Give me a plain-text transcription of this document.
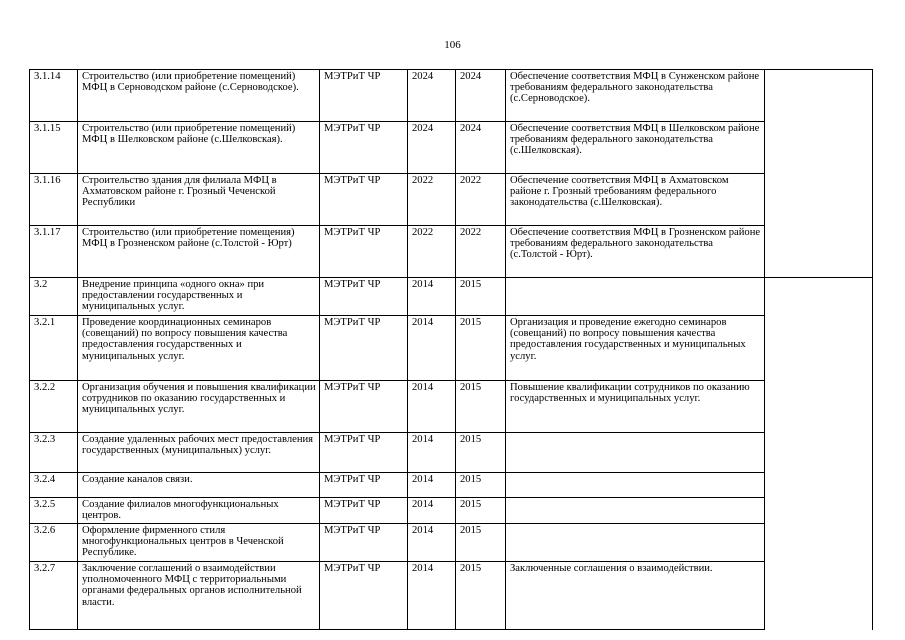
106
3.1.14	Строительство (или приобретение помещений) МФЦ в Серноводском районе (с.Серноводское).	МЭТРиТ ЧР	2024	2024	Обеспечение соответствия МФЦ в Сунженском районе требованиям федерального законодательства (с.Серноводское).	
3.1.15	Строительство (или приобретение помещений) МФЦ в Шелковском районе (с.Шелковская).	МЭТРиТ ЧР	2024	2024	Обеспечение соответствия МФЦ в Шелковском районе требованиям федерального законодательства (с.Шелковская).	
3.1.16	Строительство здания для филиала МФЦ в Ахматовском районе г. Грозный Чеченской Республики	МЭТРиТ ЧР	2022	2022	Обеспечение соответствия МФЦ в Ахматовском районе г. Грозный требованиям федерального законодательства (с.Шелковская).	
3.1.17	Строительство (или приобретение помещения) МФЦ в Грозненском районе (с.Толстой - Юрт)	МЭТРиТ ЧР	2022	2022	Обеспечение соответствия МФЦ в Грозненском районе требованиям федерального законодательства (с.Толстой - Юрт).	
3.2	Внедрение принципа «одного окна» при предоставлении государственных и муниципальных услуг.	МЭТРиТ ЧР	2014	2015		
3.2.1	Проведение координационных семинаров (совещаний) по вопросу повышения качества предоставления государственных и муниципальных услуг.	МЭТРиТ ЧР	2014	2015	Организация и проведение ежегодно семинаров (совещаний) по вопросу повышения качества предоставления государственных и муниципальных услуг.	
3.2.2	Организация обучения и повышения квалификации сотрудников по оказанию государственных и муниципальных услуг.	МЭТРиТ ЧР	2014	2015	Повышение квалификации сотрудников по оказанию государственных и муниципальных услуг.	
3.2.3	Создание удаленных рабочих мест предоставления государственных (муниципальных) услуг.	МЭТРиТ ЧР	2014	2015		
3.2.4	Создание каналов связи.	МЭТРиТ ЧР	2014	2015		
3.2.5	Создание филиалов многофункциональных центров.	МЭТРиТ ЧР	2014	2015		
3.2.6	Оформление фирменного стиля многофункциональных центров в Чеченской Республике.	МЭТРиТ ЧР	2014	2015		
3.2.7	Заключение соглашений о взаимодействии уполномоченного МФЦ с территориальными органами федеральных органов исполнительной власти.	МЭТРиТ ЧР	2014	2015	Заключенные соглашения о взаимодействии.	
